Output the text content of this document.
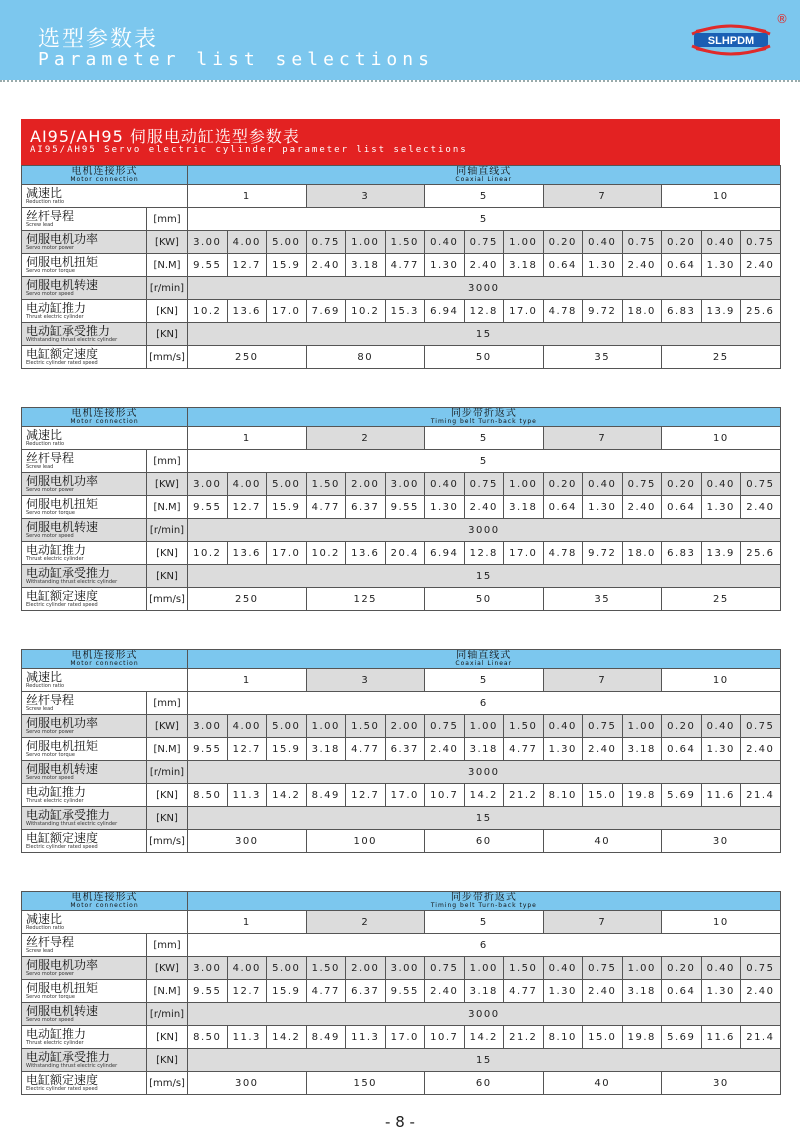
选型参数表
Parameter list selections
SLHPDM
®
AI95/AH95 伺服电动缸选型参数表
AI95/AH95 Servo electric cylinder parameter list selections
电机连接形式
Motor connection		同轴直线式
Coaxial Linear														

减速比
Reduction ratio		1			3			5			7			10		

丝杆导程
Screw lead	[mm]	5														

伺服电机功率
Servo motor power	[KW]	3.00	4.00	5.00	0.75	1.00	1.50	0.40	0.75	1.00	0.20	0.40	0.75	0.20	0.40	0.75

伺服电机扭矩
Servo motor torque	[N.M]	9.55	12.7	15.9	2.40	3.18	4.77	1.30	2.40	3.18	0.64	1.30	2.40	0.64	1.30	2.40

伺服电机转速
Servo motor speed	[r/min]	3000														

电动缸推力
Thrust electric cylinder	[KN]	10.2	13.6	17.0	7.69	10.2	15.3	6.94	12.8	17.0	4.78	9.72	18.0	6.83	13.9	25.6

电动缸承受推力
Withstanding thrust electric cylinder	[KN]	15														

电缸额定速度
Electric cylinder rated speed	[mm/s]	250			80			50			35			25		
电机连接形式
Motor connection		同步带折返式
Timing belt Turn-back type														

减速比
Reduction ratio		1			2			5			7			10		

丝杆导程
Screw lead	[mm]	5														

伺服电机功率
Servo motor power	[KW]	3.00	4.00	5.00	1.50	2.00	3.00	0.40	0.75	1.00	0.20	0.40	0.75	0.20	0.40	0.75

伺服电机扭矩
Servo motor torque	[N.M]	9.55	12.7	15.9	4.77	6.37	9.55	1.30	2.40	3.18	0.64	1.30	2.40	0.64	1.30	2.40

伺服电机转速
Servo motor speed	[r/min]	3000														

电动缸推力
Thrust electric cylinder	[KN]	10.2	13.6	17.0	10.2	13.6	20.4	6.94	12.8	17.0	4.78	9.72	18.0	6.83	13.9	25.6

电动缸承受推力
Withstanding thrust electric cylinder	[KN]	15														

电缸额定速度
Electric cylinder rated speed	[mm/s]	250			125			50			35			25		
电机连接形式
Motor connection		同轴直线式
Coaxial Linear														

减速比
Reduction ratio		1			3			5			7			10		

丝杆导程
Screw lead	[mm]	6														

伺服电机功率
Servo motor power	[KW]	3.00	4.00	5.00	1.00	1.50	2.00	0.75	1.00	1.50	0.40	0.75	1.00	0.20	0.40	0.75

伺服电机扭矩
Servo motor torque	[N.M]	9.55	12.7	15.9	3.18	4.77	6.37	2.40	3.18	4.77	1.30	2.40	3.18	0.64	1.30	2.40

伺服电机转速
Servo motor speed	[r/min]	3000														

电动缸推力
Thrust electric cylinder	[KN]	8.50	11.3	14.2	8.49	12.7	17.0	10.7	14.2	21.2	8.10	15.0	19.8	5.69	11.6	21.4

电动缸承受推力
Withstanding thrust electric cylinder	[KN]	15														

电缸额定速度
Electric cylinder rated speed	[mm/s]	300			100			60			40			30		
电机连接形式
Motor connection		同步带折返式
Timing belt Turn-back type														

减速比
Reduction ratio		1			2			5			7			10		

丝杆导程
Screw lead	[mm]	6														

伺服电机功率
Servo motor power	[KW]	3.00	4.00	5.00	1.50	2.00	3.00	0.75	1.00	1.50	0.40	0.75	1.00	0.20	0.40	0.75

伺服电机扭矩
Servo motor torque	[N.M]	9.55	12.7	15.9	4.77	6.37	9.55	2.40	3.18	4.77	1.30	2.40	3.18	0.64	1.30	2.40

伺服电机转速
Servo motor speed	[r/min]	3000														

电动缸推力
Thrust electric cylinder	[KN]	8.50	11.3	14.2	8.49	11.3	17.0	10.7	14.2	21.2	8.10	15.0	19.8	5.69	11.6	21.4

电动缸承受推力
Withstanding thrust electric cylinder	[KN]	15														

电缸额定速度
Electric cylinder rated speed	[mm/s]	300			150			60			40			30		
- 8 -
